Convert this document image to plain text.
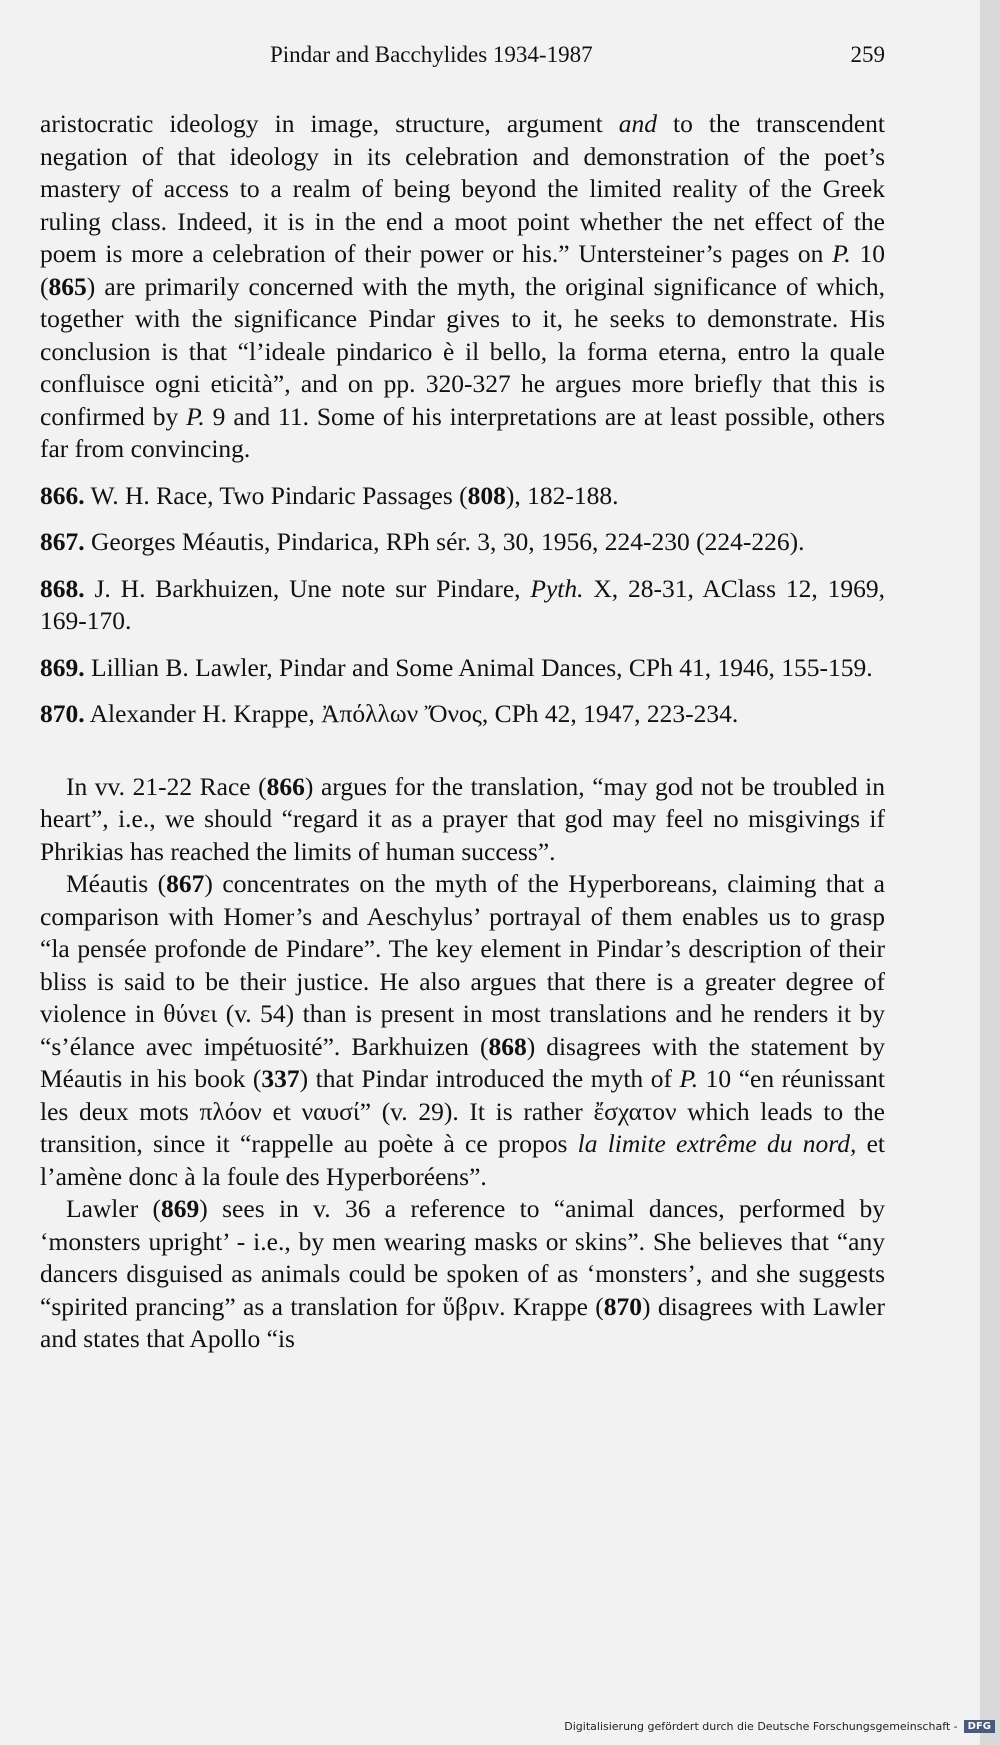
Pindar and Bacchylides 1934-1987	259

aristocratic ideology in image, structure, argument and to the transcendent negation of that ideology in its celebration and demonstration of the poet’s mastery of access to a realm of being beyond the limited reality of the Greek ruling class. Indeed, it is in the end a moot point whether the net effect of the poem is more a celebration of their power or his.” Untersteiner’s pages on P. 10 (865) are primarily concerned with the myth, the original significance of which, together with the significance Pindar gives to it, he seeks to demonstrate. His conclusion is that “l’ideale pindarico è il bello, la forma eterna, entro la quale confluisce ogni eticità”, and on pp. 320-327 he argues more briefly that this is confirmed by P. 9 and 11. Some of his interpretations are at least possible, others far from convincing.

866. W. H. Race, Two Pindaric Passages (808), 182-188.

867. Georges Méautis, Pindarica, RPh sér. 3, 30, 1956, 224-230 (224-226).

868. J. H. Barkhuizen, Une note sur Pindare, Pyth. X, 28-31, AClass 12, 1969, 169-170.

869. Lillian B. Lawler, Pindar and Some Animal Dances, CPh 41, 1946, 155-159.

870. Alexander H. Krappe, Ἀπόλλων Ὄνος, CPh 42, 1947, 223-234.

In vv. 21-22 Race (866) argues for the translation, “may god not be troubled in heart”, i.e., we should “regard it as a prayer that god may feel no misgivings if Phrikias has reached the limits of human success”.

Méautis (867) concentrates on the myth of the Hyperboreans, claiming that a comparison with Homer’s and Aeschylus’ portrayal of them enables us to grasp “la pensée profonde de Pindare”. The key element in Pindar’s description of their bliss is said to be their justice. He also argues that there is a greater degree of violence in θύνει (v. 54) than is present in most translations and he renders it by “s’élance avec impétuosité”. Barkhuizen (868) disagrees with the statement by Méautis in his book (337) that Pindar introduced the myth of P. 10 “en réunissant les deux mots πλόον et ναυσί” (v. 29). It is rather ἔσχατον which leads to the transition, since it “rappelle au poète à ce propos la limite extrême du nord, et l’amène donc à la foule des Hyperboréens”.

Lawler (869) sees in v. 36 a reference to “animal dances, performed by ‘monsters upright’ - i.e., by men wearing masks or skins”. She believes that “any dancers disguised as animals could be spoken of as ‘monsters’, and she suggests “spirited prancing” as a translation for ὕβριν. Krappe (870) disagrees with Lawler and states that Apollo “is

Digitalisierung gefördert durch die Deutsche Forschungsgemeinschaft -	DFG
